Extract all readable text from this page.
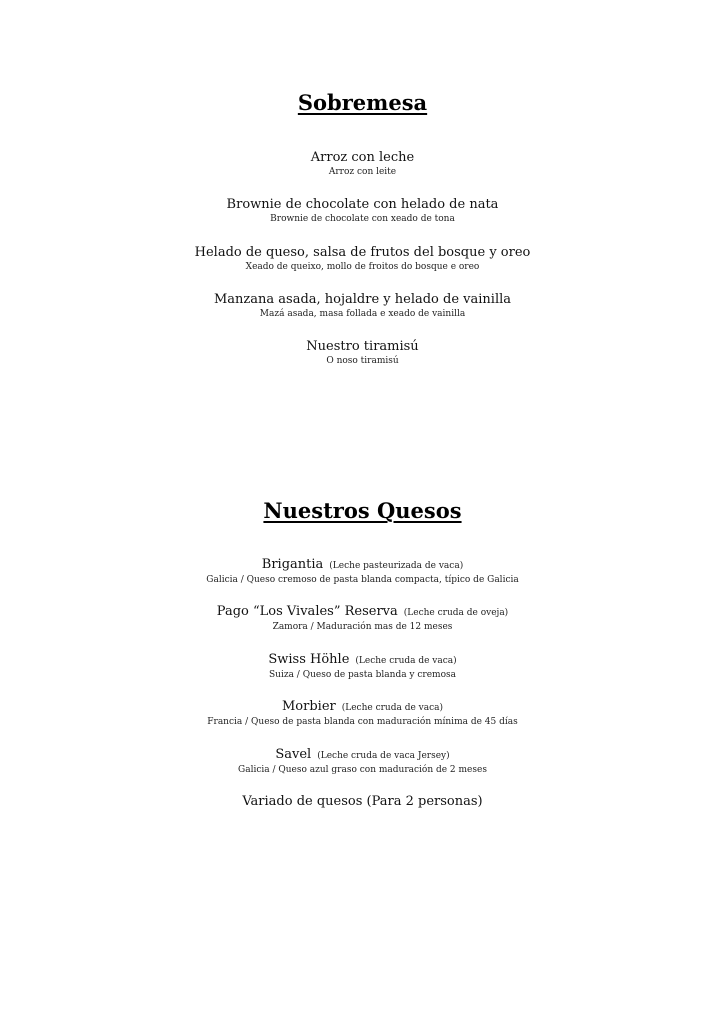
Sobremesa
Arroz con leche
Arroz con leite
Brownie de chocolate con helado de nata
Brownie de chocolate con xeado de tona
Helado de queso, salsa de frutos del bosque y oreo
Xeado de queixo, mollo de froitos do bosque e oreo
Manzana asada, hojaldre y helado de vainilla
Mazá asada, masa follada e xeado de vainilla
Nuestro tiramisú
O noso tiramisú
Nuestros Quesos
Brigantia (Leche pasteurizada de vaca)
Galicia / Queso cremoso de pasta blanda compacta, típico de Galicia
Pago “Los Vivales” Reserva (Leche cruda de oveja)
Zamora / Maduración mas de 12 meses
Swiss Höhle (Leche cruda de vaca)
Suiza / Queso de pasta blanda y cremosa
Morbier (Leche cruda de vaca)
Francia / Queso de pasta blanda con maduración mínima de 45 días
Savel (Leche cruda de vaca Jersey)
Galicia / Queso azul graso con maduración de 2 meses
Variado de quesos (Para 2 personas)
